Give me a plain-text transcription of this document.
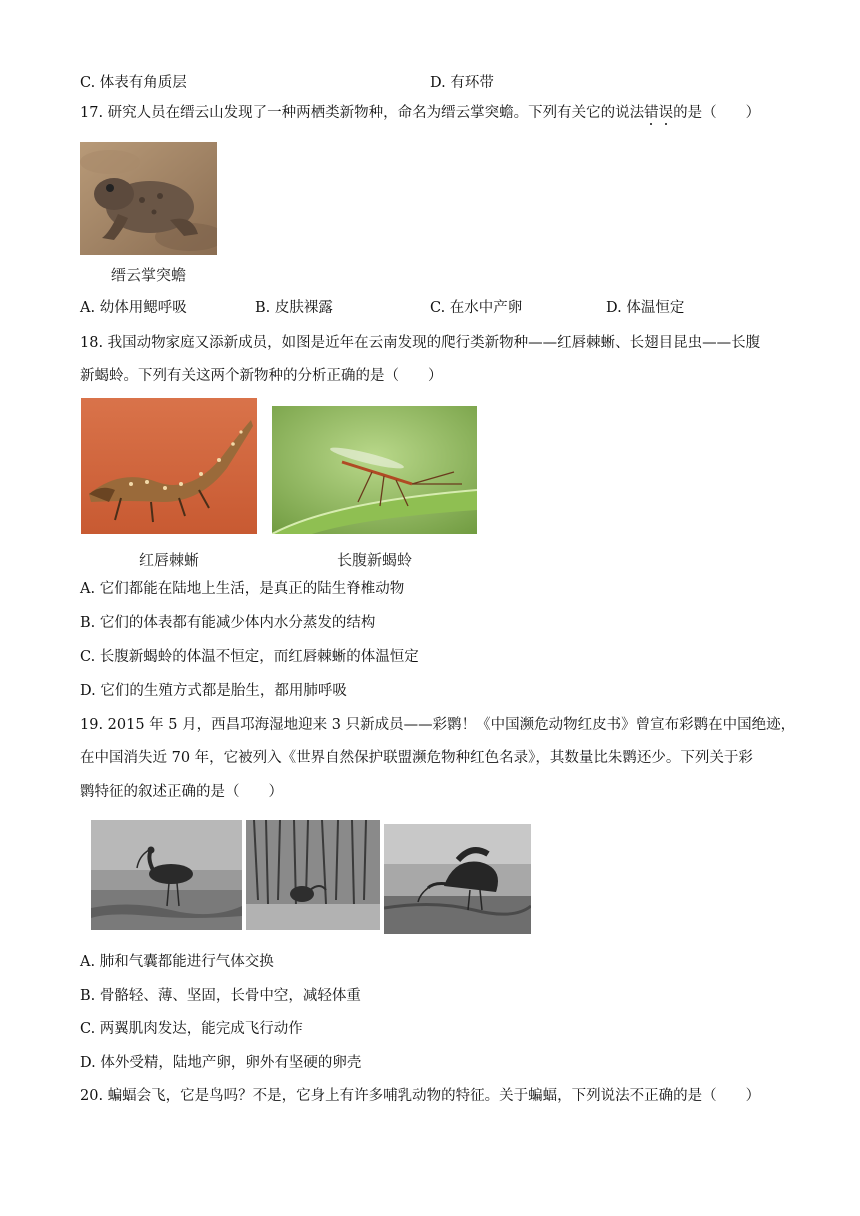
C. 体表有角质层	D. 有环带
17. 研究人员在缙云山发现了一种两栖类新物种，命名为缙云掌突蟾。下列有关它的说法错误的是（　　）
缙云掌突蟾
A. 幼体用鳃呼吸	B. 皮肤裸露	C. 在水中产卵	D. 体温恒定
18. 我国动物家庭又添新成员，如图是近年在云南发现的爬行类新物种——红唇棘蜥、长翅目昆虫——长腹
新蝎蛉。下列有关这两个新物种的分析正确的是（　　）
红唇棘蜥	长腹新蝎蛉
A. 它们都能在陆地上生活，是真正的陆生脊椎动物
B. 它们的体表都有能减少体内水分蒸发的结构
C. 长腹新蝎蛉的体温不恒定，而红唇棘蜥的体温恒定
D. 它们的生殖方式都是胎生，都用肺呼吸
19. 2015 年 5 月，西昌邛海湿地迎来 3 只新成员——彩鹮！《中国濒危动物红皮书》曾宣布彩鹮在中国绝迹，
在中国消失近 70 年，它被列入《世界自然保护联盟濒危物种红色名录》，其数量比朱鹮还少。下列关于彩
鹮特征的叙述正确的是（　　）
A. 肺和气囊都能进行气体交换
B. 骨骼轻、薄、坚固，长骨中空，减轻体重
C. 两翼肌肉发达，能完成飞行动作
D. 体外受精，陆地产卵，卵外有坚硬的卵壳
20. 蝙蝠会飞，它是鸟吗？不是，它身上有许多哺乳动物的特征。关于蝙蝠，下列说法不正确的是（　　）
